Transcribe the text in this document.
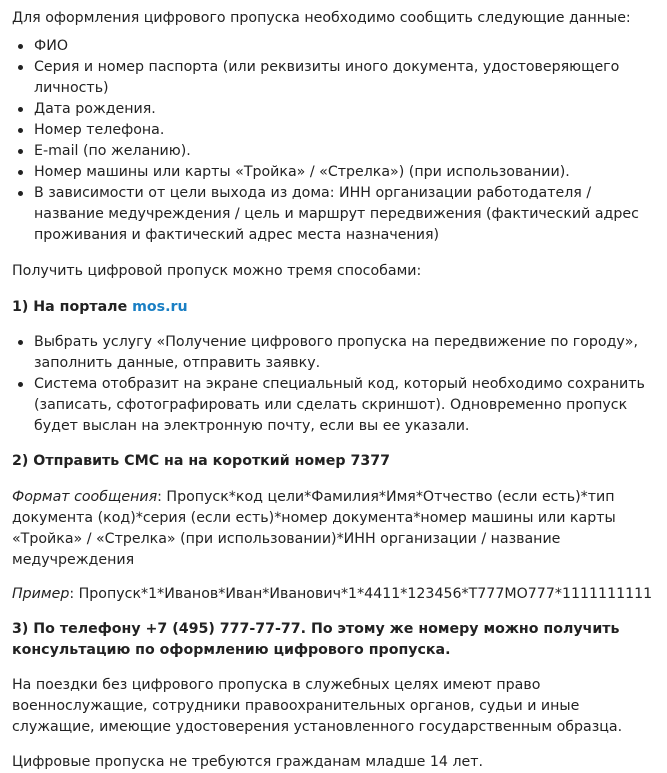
Для оформления цифрового пропуска необходимо сообщить следующие данные:

ФИО
Серия и номер паспорта (или реквизиты иного документа, удостоверяющего личность)
Дата рождения.
Номер телефона.
E-mail (по желанию).
Номер машины или карты «Тройка» / «Стрелка») (при использовании).
В зависимости от цели выхода из дома: ИНН организации работодателя / название медучреждения / цель и маршрут передвижения (фактический адрес проживания и фактический адрес места назначения)

Получить цифровой пропуск можно тремя способами:

1) На портале mos.ru

Выбрать услугу «Получение цифрового пропуска на передвижение по городу», заполнить данные, отправить заявку.
Система отобразит на экране специальный код, который необходимо сохранить (записать, сфотографировать или сделать скриншот). Одновременно пропуск будет выслан на электронную почту, если вы ее указали.

2) Отправить СМС на на короткий номер 7377

Формат сообщения: Пропуск*код цели*Фамилия*Имя*Отчество (если есть)*тип документа (код)*серия (если есть)*номер документа*номер машины или карты «Тройка» / «Стрелка» (при использовании)*ИНН организации / название медучреждения

Пример: Пропуск*1*Иванов*Иван*Иванович*1*4411*123456*Т777МО777*1111111111

3) По телефону +7 (495) 777-77-77. По этому же номеру можно получить консультацию по оформлению цифрового пропуска.

На поездки без цифрового пропуска в служебных целях имеют право военнослужащие, сотрудники правоохранительных органов, судьи и иные служащие, имеющие удостоверения установленного государственным образца.

Цифровые пропуска не требуются гражданам младше 14 лет.
